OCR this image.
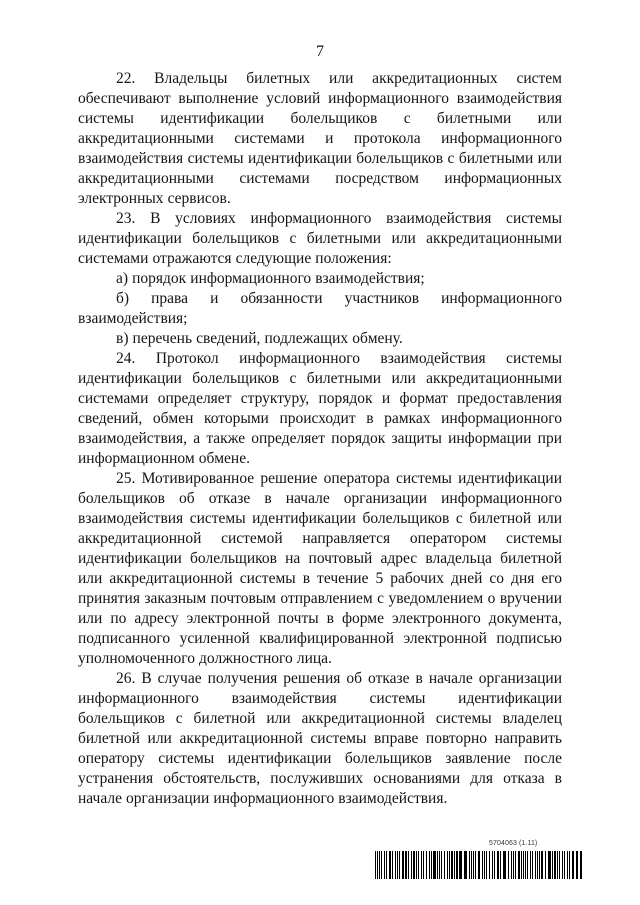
7

22. Владельцы билетных или аккредитационных систем обеспечивают выполнение условий информационного взаимодействия системы идентификации болельщиков с билетными или аккредитационными системами и протокола информационного взаимодействия системы идентификации болельщиков с билетными или аккредитационными системами посредством информационных электронных сервисов.

23. В условиях информационного взаимодействия системы идентификации болельщиков с билетными или аккредитационными системами отражаются следующие положения:

а) порядок информационного взаимодействия;

б) права и обязанности участников информационного взаимодействия;

в) перечень сведений, подлежащих обмену.

24. Протокол информационного взаимодействия системы идентификации болельщиков с билетными или аккредитационными системами определяет структуру, порядок и формат предоставления сведений, обмен которыми происходит в рамках информационного взаимодействия, а также определяет порядок защиты информации при информационном обмене.

25. Мотивированное решение оператора системы идентификации болельщиков об отказе в начале организации информационного взаимодействия системы идентификации болельщиков с билетной или аккредитационной системой направляется оператором системы идентификации болельщиков на почтовый адрес владельца билетной или аккредитационной системы в течение 5 рабочих дней со дня его принятия заказным почтовым отправлением с уведомлением о вручении или по адресу электронной почты в форме электронного документа, подписанного усиленной квалифицированной электронной подписью уполномоченного должностного лица.

26. В случае получения решения об отказе в начале организации информационного взаимодействия системы идентификации болельщиков с билетной или аккредитационной системы владелец билетной или аккредитационной системы вправе повторно направить оператору системы идентификации болельщиков заявление после устранения обстоятельств, послуживших основаниями для отказа в начале организации информационного взаимодействия.

5704063 (1.11)
